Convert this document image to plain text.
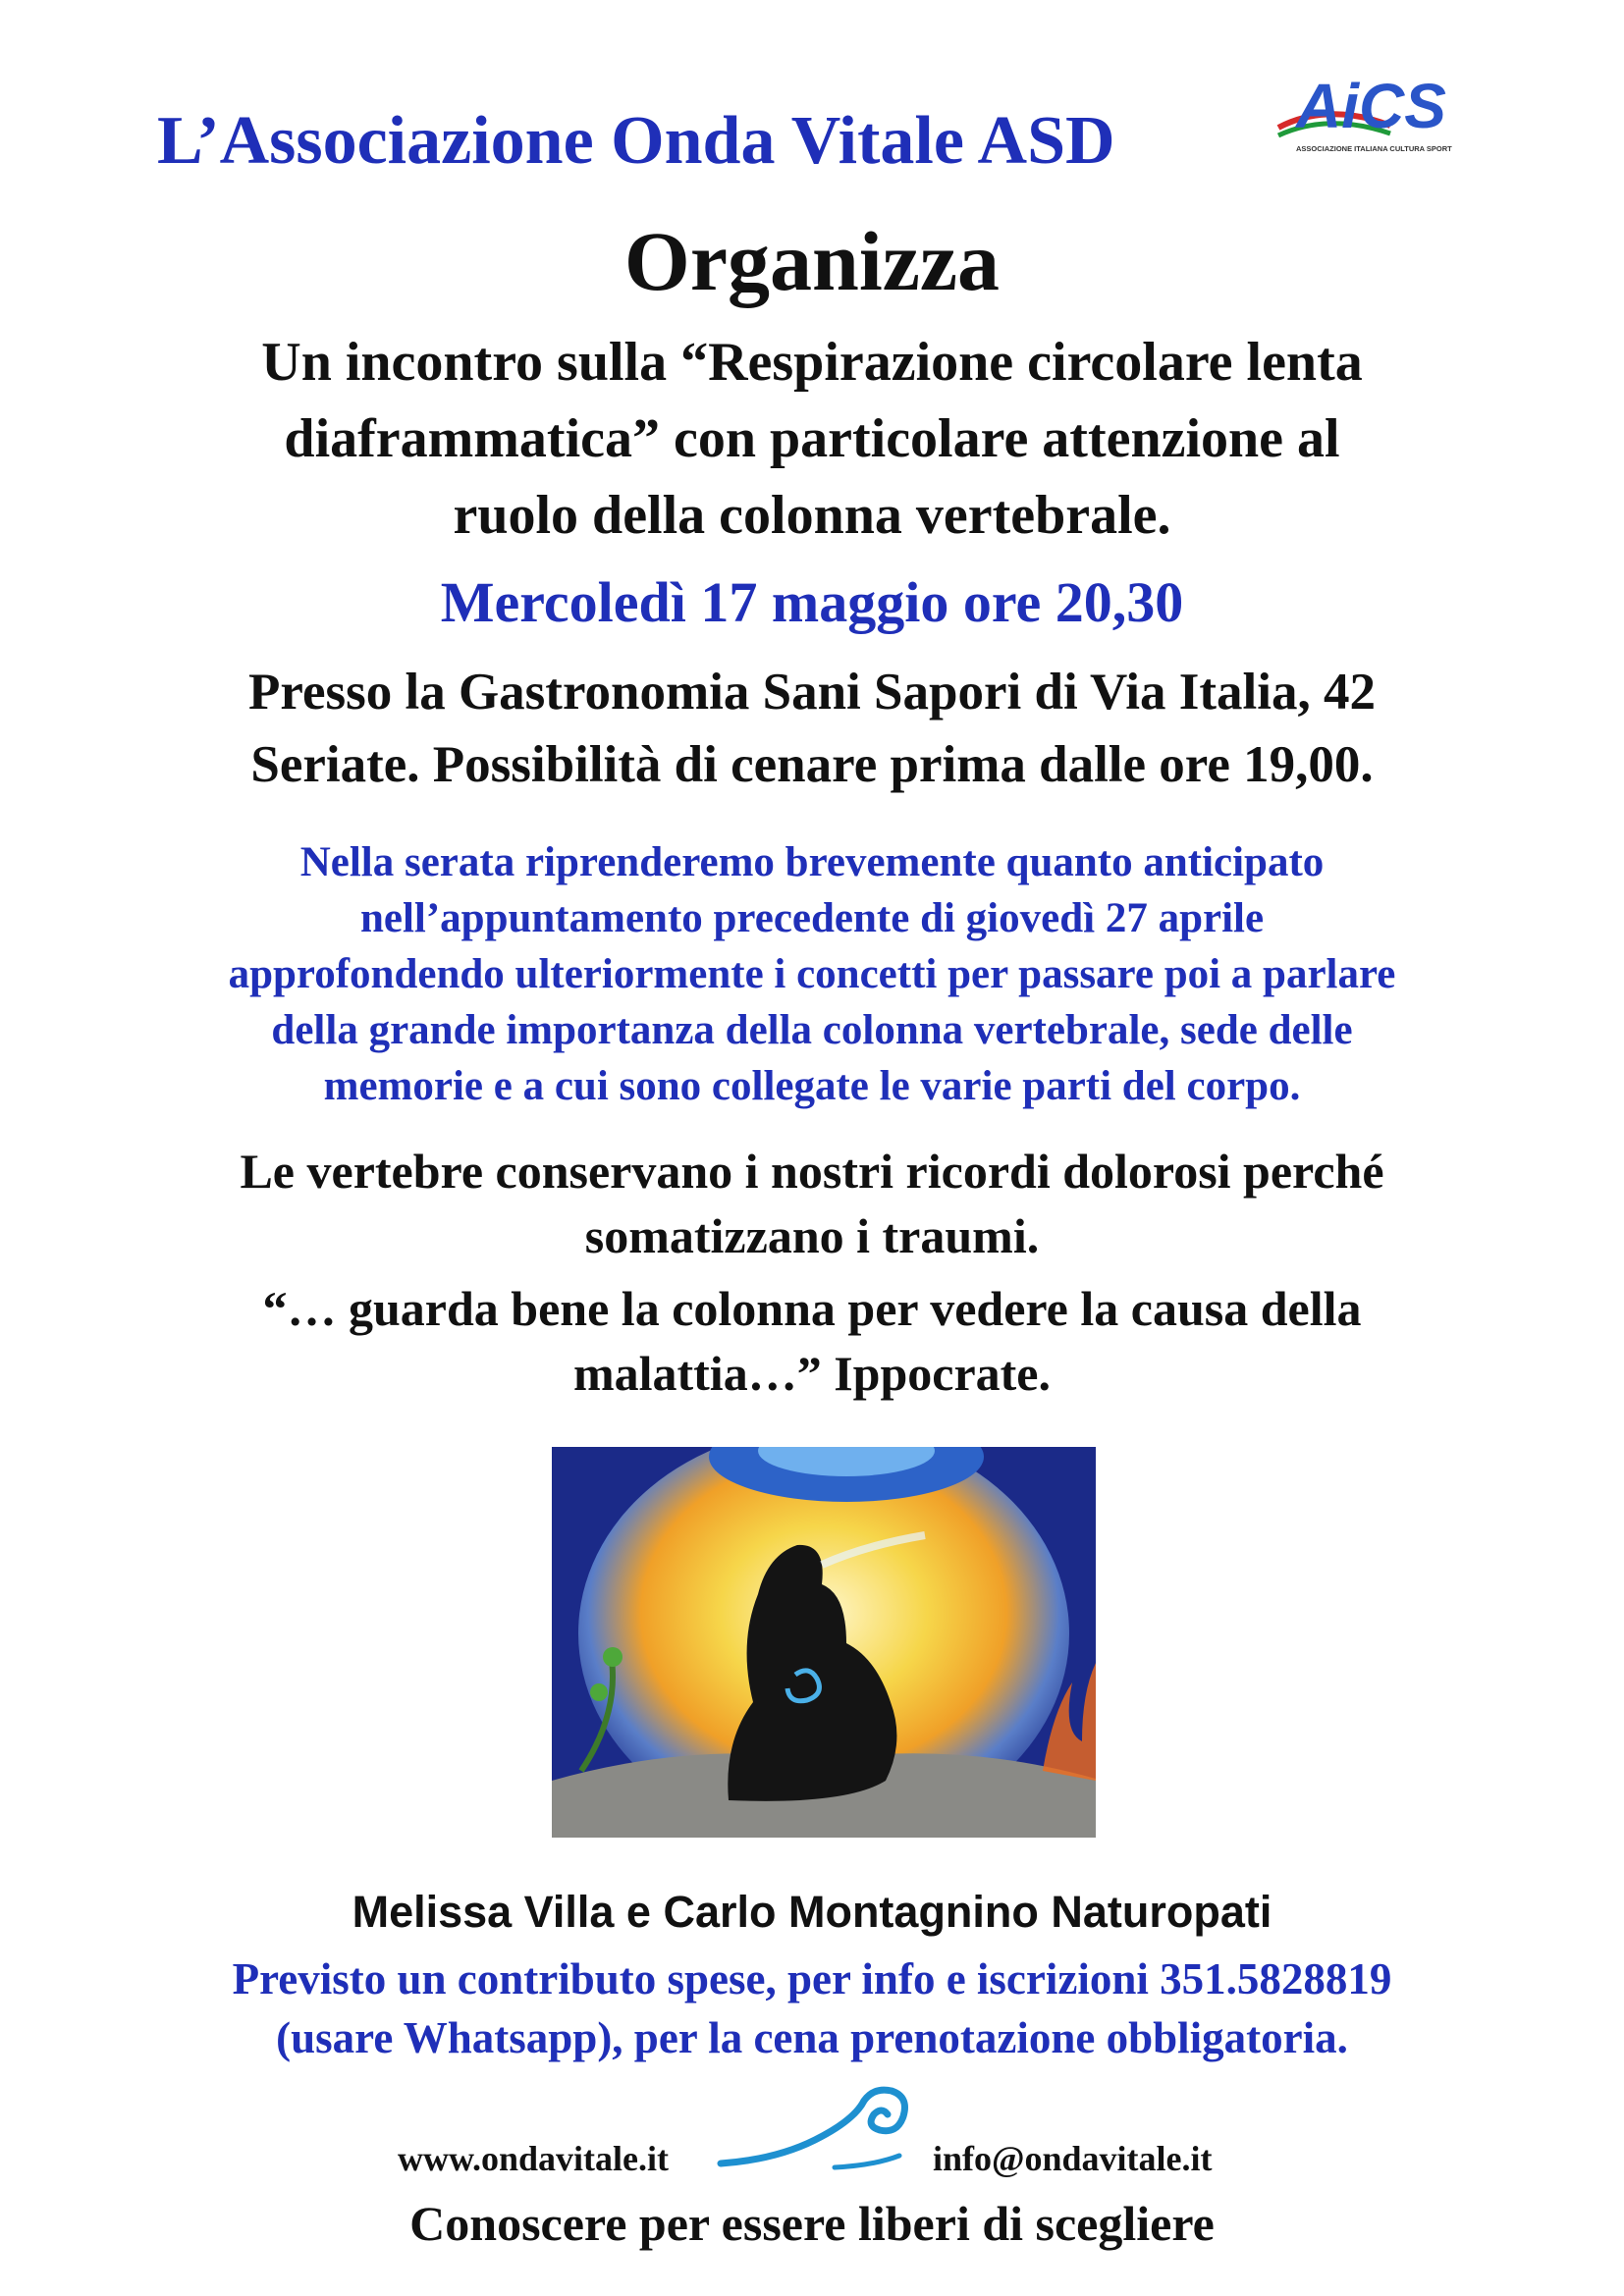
L’Associazione Onda Vitale ASD	AiCS
ASSOCIAZIONE ITALIANA CULTURA SPORT
Organizza
Un incontro sulla “Respirazione circolare lenta
diaframmatica” con particolare attenzione al
ruolo della colonna vertebrale.
Mercoledì 17 maggio ore 20,30
Presso la Gastronomia Sani Sapori di Via Italia, 42
Seriate. Possibilità di cenare prima dalle ore 19,00.
Nella serata riprenderemo brevemente quanto anticipato
nell’appuntamento precedente di giovedì 27 aprile
approfondendo ulteriormente i concetti per passare poi a parlare
della grande importanza della colonna vertebrale, sede delle
memorie e a cui sono collegate le varie parti del corpo.
Le vertebre conservano i nostri ricordi dolorosi perché
somatizzano i traumi.
“… guarda bene la colonna per vedere la causa della
malattia…” Ippocrate.
Melissa Villa e Carlo Montagnino Naturopati
Previsto un contributo spese, per info e iscrizioni 351.5828819
(usare Whatsapp), per la cena prenotazione obbligatoria.
www.ondavitale.it	info@ondavitale.it
Conoscere per essere liberi di scegliere
